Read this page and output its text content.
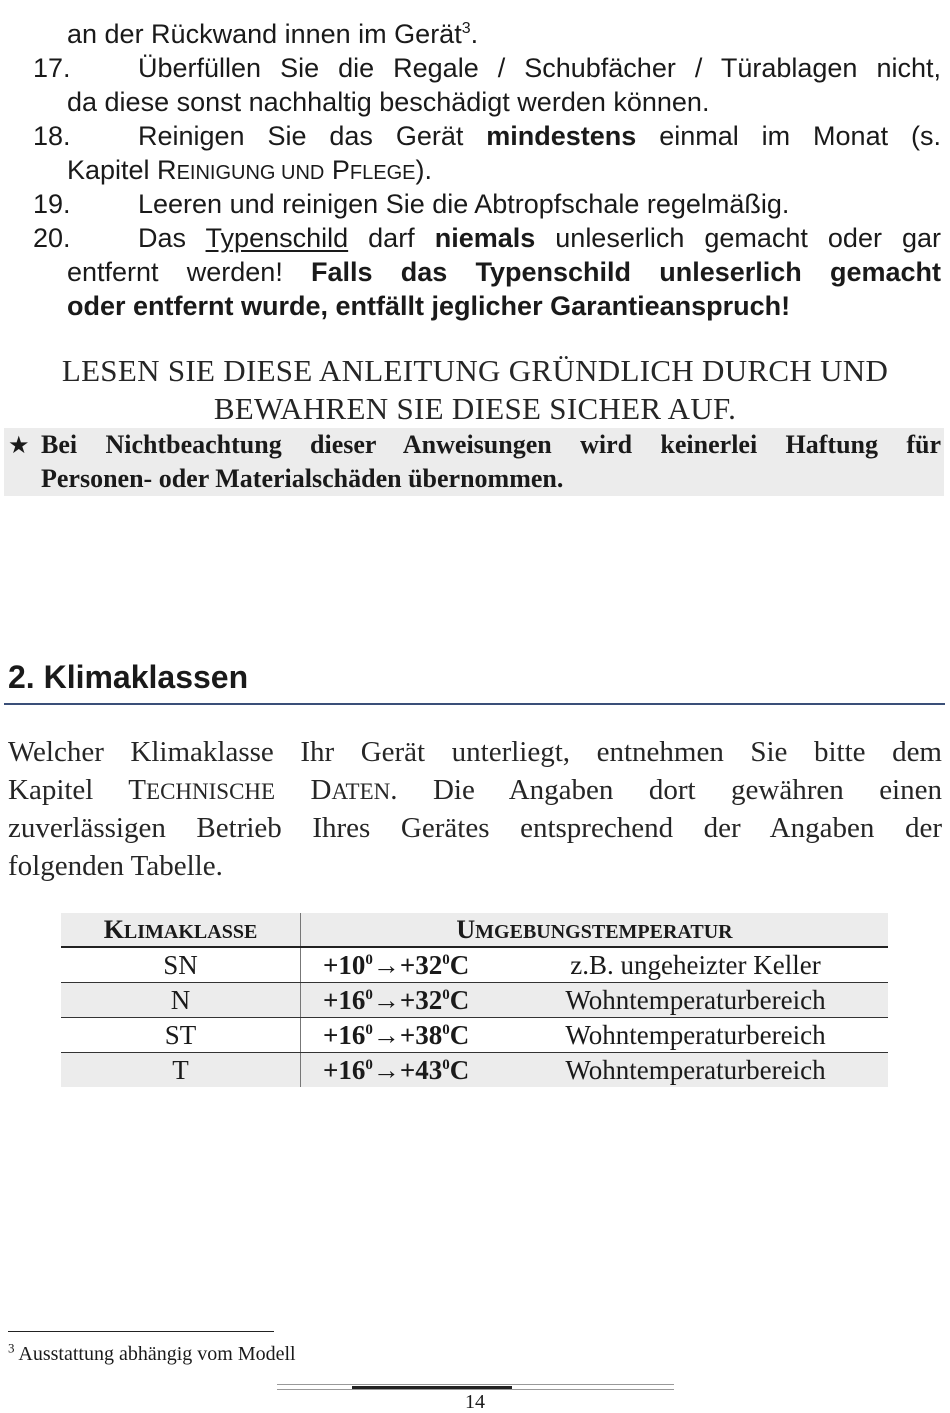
an der Rückwand innen im Gerät$^3$.
17. Überfüllen Sie die Regale / Schubfächer / Türablagen nicht,
da diese sonst nachhaltig beschädigt werden können.
18. Reinigen Sie das Gerät mindestens einmal im Monat (s.
Kapitel REINIGUNG UND PFLEGE).
19. Leeren und reinigen Sie die Abtropfschale regelmäßig.
20. Das Typenschild darf niemals unleserlich gemacht oder gar
entfernt werden! Falls das Typenschild unleserlich gemacht
oder entfernt wurde, entfällt jeglicher Garantieanspruch!
LESEN SIE DIESE ANLEITUNG GRÜNDLICH DURCH UND
BEWAHREN SIE DIESE SICHER AUF.
★ Bei Nichtbeachtung dieser Anweisungen wird keinerlei Haftung für
Personen- oder Materialschäden übernommen.
2. Klimaklassen
Welcher Klimaklasse Ihr Gerät unterliegt, entnehmen Sie bitte dem
Kapitel TECHNISCHE DATEN. Die Angaben dort gewähren einen
zuverlässigen Betrieb Ihres Gerätes entsprechend der Angaben der
folgenden Tabelle.
KLIMAKLASSE	UMGEBUNGSTEMPERATUR	
SN	$+10^0\to+32^0C$	z.B. ungeheizter Keller
N	$+16^0\to+32^0C$	Wohntemperaturbereich
ST	$+16^0\to+38^0C$	Wohntemperaturbereich
T	$+16^0\to+43^0C$	Wohntemperaturbereich
$^3$ Ausstattung abhängig vom Modell
14
